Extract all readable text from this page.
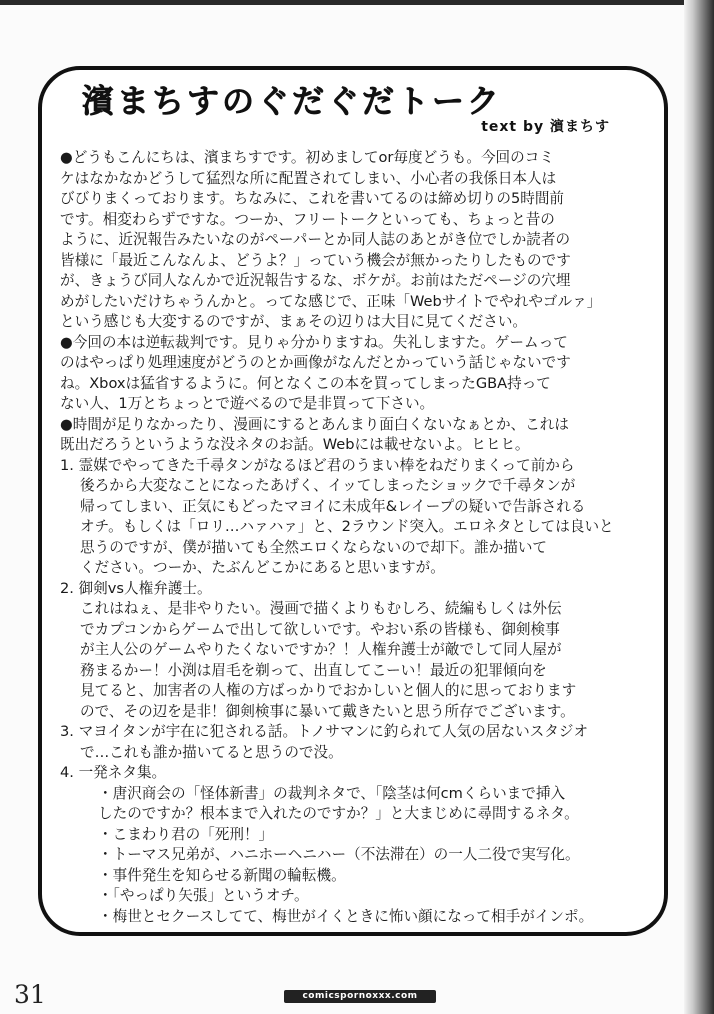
濱まちすのぐだぐだトーク
text by 濱まちす

●どうもこんにちは、濱まちすです。初めましてor毎度どうも。今回のコミ

ケはなかなかどうして猛烈な所に配置されてしまい、小心者の我係日本人は

びびりまくっております。ちなみに、これを書いてるのは締め切りの5時間前

です。相変わらずですな。つーか、フリートークといっても、ちょっと昔の

ように、近況報告みたいなのがペーパーとか同人誌のあとがき位でしか読者の

皆様に「最近こんなんよ、どうよ？」っていう機会が無かったりしたものです

が、きょうび同人なんかで近況報告するな、ボケが。お前はただページの穴埋

めがしたいだけちゃうんかと。ってな感じで、正味「Webサイトでやれやゴルァ」

という感じも大変するのですが、まぁその辺りは大目に見てください。

●今回の本は逆転裁判です。見りゃ分かりますね。失礼しますた。ゲームって

のはやっぱり処理速度がどうのとか画像がなんだとかっていう話じゃないです

ね。Xboxは猛省するように。何となくこの本を買ってしまったGBA持って

ない人、1万とちょっとで遊べるので是非買って下さい。

●時間が足りなかったり、漫画にするとあんまり面白くないなぁとか、これは

既出だろうというような没ネタのお話。Webには載せないよ。ヒヒヒ。

1. 霊媒でやってきた千尋タンがなるほど君のうまい棒をねだりまくって前から

後ろから大変なことになったあげく、イッてしまったショックで千尋タンが

帰ってしまい、正気にもどったマヨイに未成年&レイープの疑いで告訴される

オチ。もしくは「ロリ…ハァハァ」と、2ラウンド突入。エロネタとしては良いと

思うのですが、僕が描いても全然エロくならないので却下。誰か描いて

ください。つーか、たぶんどこかにあると思いますが。

2. 御剣vs人権弁護士。

これはねぇ、是非やりたい。漫画で描くよりもむしろ、続編もしくは外伝

でカプコンからゲームで出して欲しいです。やおい系の皆様も、御剣検事

が主人公のゲームやりたくないですか？！人権弁護士が敵でして同人屋が

務まるかー！小渕は眉毛を剃って、出直してこーい！最近の犯罪傾向を

見てると、加害者の人権の方ばっかりでおかしいと個人的に思っております

ので、その辺を是非！御剣検事に暴いて戴きたいと思う所存でございます。

3. マヨイタンが宇在に犯される話。トノサマンに釣られて人気の居ないスタジオ

で…これも誰か描いてると思うので没。

4. 一発ネタ集。

・唐沢商会の「怪体新書」の裁判ネタで、「陰茎は何cmくらいまで挿入

したのですか？根本まで入れたのですか？」と大まじめに尋問するネタ。

・こまわり君の「死刑！」

・トーマス兄弟が、ハニホーヘニハー（不法滞在）の一人二役で実写化。

・事件発生を知らせる新聞の輪転機。

・「やっぱり矢張」というオチ。

・梅世とセクースしてて、梅世がイくときに怖い顔になって相手がインポ。

31	comicspornoxxx.com
